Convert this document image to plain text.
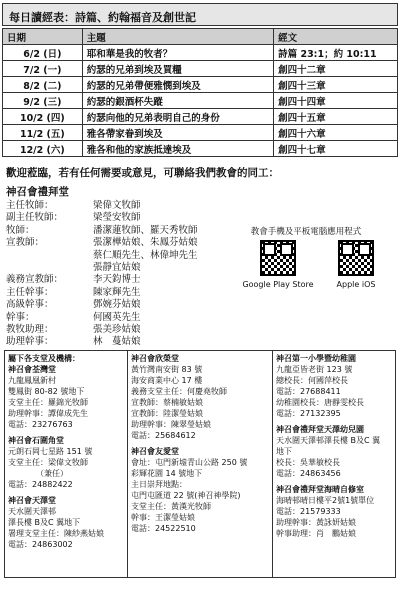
每日讀經表：詩篇、約翰福音及創世記
日期	主題	經文
6/2 (日)	耶和華是我的牧者？	詩篇 23:1；約 10:11
7/2 (一)	約瑟的兄弟到埃及買糧	創四十二章
8/2 (二)	約瑟的兄弟帶便雅憫到埃及	創四十三章
9/2 (三)	約瑟的銀酒杯失蹤	創四十四章
10/2 (四)	約瑟向他的兄弟表明自己的身份	創四十五章
11/2 (五)	雅各帶家眷到埃及	創四十六章
12/2 (六)	雅各和他的家族抵達埃及	創四十七章
歡迎蒞臨，若有任何需要或意見，可聯絡我們教會的同工：
神召會禮拜堂
主任牧師：	梁偉文牧師
副主任牧師：	梁瑩安牧師
牧師：	潘潔蓮牧師、羅天秀牧師
宣教師：	張潔樺姑娘、朱鳳芬姑娘
蔡仁順先生、林偉坤先生
張靜宜姑娘
義務宣教師：	李天鈞博士
主任幹事：	陳家輝先生
高級幹事：	鄧婉芬姑娘
幹事：	何國英先生
教牧助理：	張美珍姑娘
助理幹事：	林　蔓姑娘
教會手機及平板電腦應用程式
Google Play Store	Apple iOS
屬下各支堂及機構：
神召會荃灣堂
九龍鳳凰新村
雙鳳街 80-82 號地下
支堂主任：羅錦光牧師
助理幹事：譚偉成先生
電話：23276763
神召會石圍角堂
元朗石岡七星路 151 號
支堂主任：梁偉文牧師
　　　　（兼任）
電話：24882422
神召會天澤堂
天水圍天澤邨
澤長樓 B及C 翼地下
署理支堂主任：陳紗燕姑娘
電話：24863002
神召會欣榮堂
黃竹灣南安街 83 號
海安商業中心 17 樓
義務支堂主任：何慶堯牧師
宣教師：蔡楠敏姑娘
宣教師：陸潔瑩姑娘
助理幹事：陳翠瑩姑娘
電話：25684612
神召會友愛堂
會址：屯門新墟青山公路 250 號
彩輝花園 14 號地下
主日崇拜地點：
屯門屯匯道 22 號(神召神學院)
支堂主任：黃漢光牧師
幹事：王潔瑩姑娘
電話：24522510
神召第一小學暨幼稚園
九龍亞皆老街 123 號
總校長：何國萍校長
電話：27688411
幼稚園校長：唐靜雯校長
電話：27132395
神召會禮拜堂天澤幼兒園
天水圍天澤邨澤長樓 B及C 翼
地下
校長：吳華敏校長
電話：24863456
神召會禮拜堂海晴自修室
海晴邨晴日樓平2號1號單位
電話：21579333
助理幹事：黃詠妍姑娘
幹事助理：肖　鵬姑娘
